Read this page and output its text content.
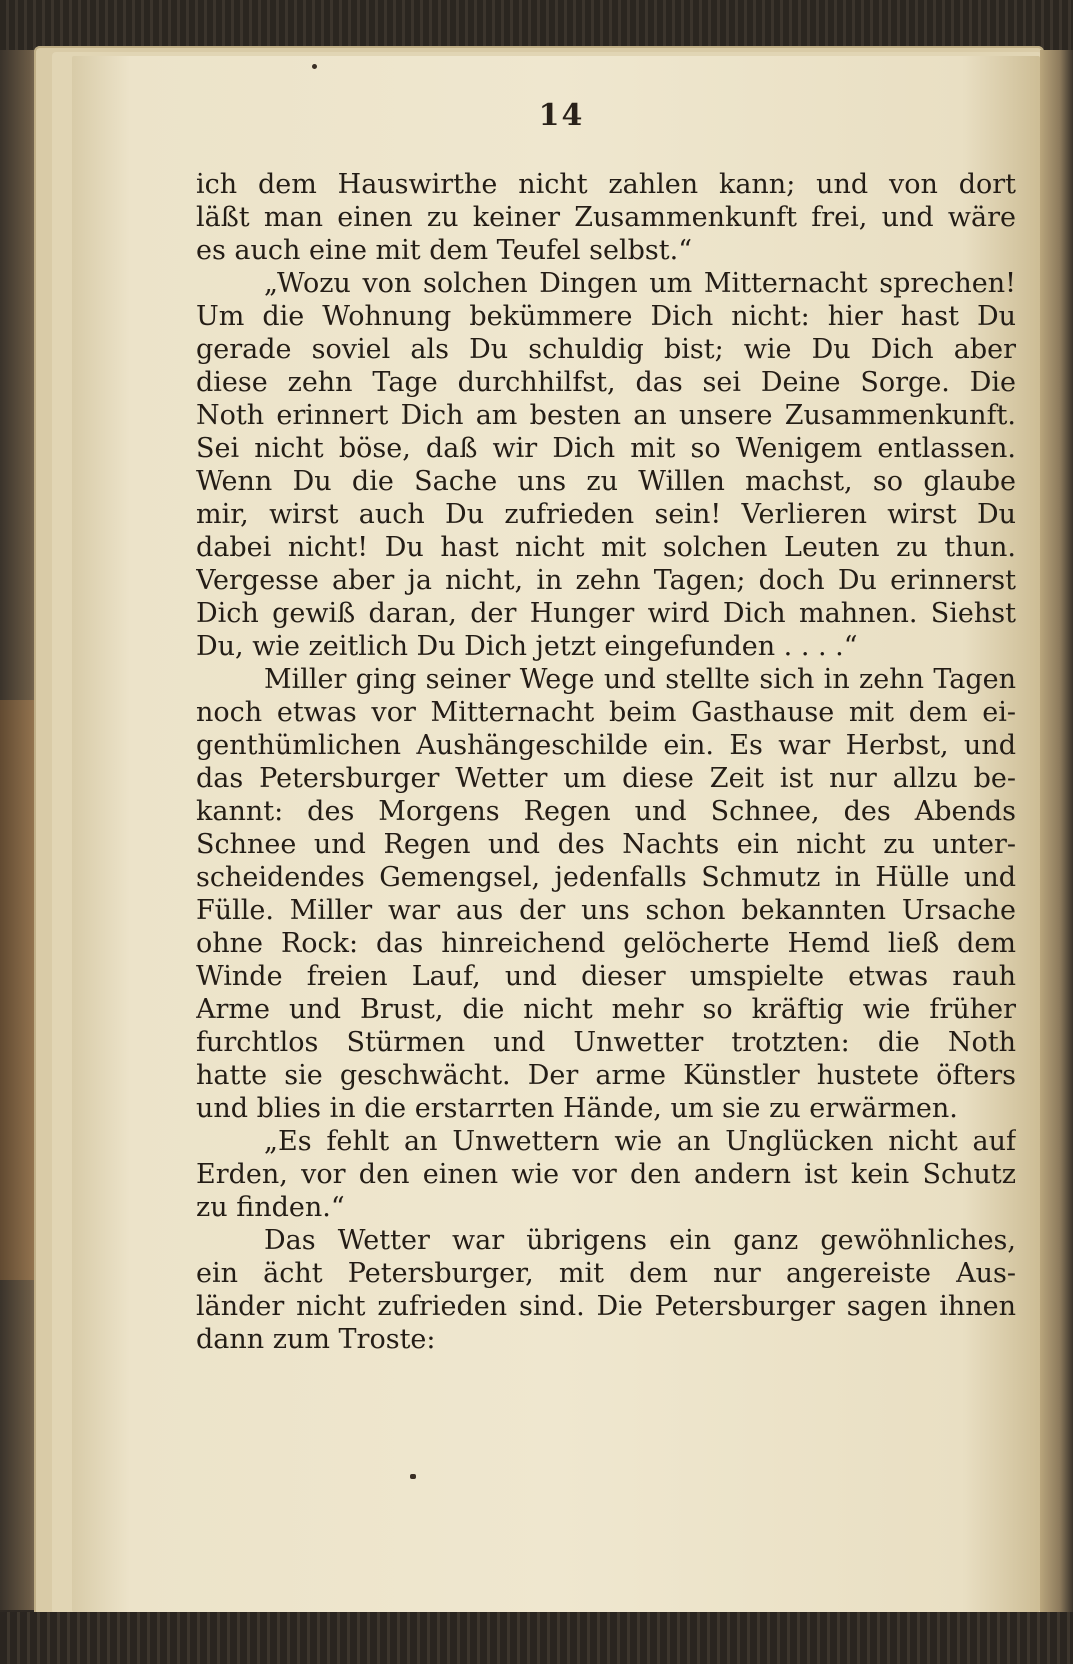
14
ich dem Hauswirthe nicht zahlen kann; und von dort
läßt man einen zu keiner Zusammenkunft frei, und wäre
es auch eine mit dem Teufel selbst.“
„Wozu von solchen Dingen um Mitternacht sprechen!
Um die Wohnung bekümmere Dich nicht: hier hast Du
gerade soviel als Du schuldig bist; wie Du Dich aber
diese zehn Tage durchhilfst, das sei Deine Sorge. Die
Noth erinnert Dich am besten an unsere Zusammenkunft.
Sei nicht böse, daß wir Dich mit so Wenigem entlassen.
Wenn Du die Sache uns zu Willen machst, so glaube
mir, wirst auch Du zufrieden sein! Verlieren wirst Du
dabei nicht! Du hast nicht mit solchen Leuten zu thun.
Vergesse aber ja nicht, in zehn Tagen; doch Du erinnerst
Dich gewiß daran, der Hunger wird Dich mahnen. Siehst
Du, wie zeitlich Du Dich jetzt eingefunden . . . .“
Miller ging seiner Wege und stellte sich in zehn Tagen
noch etwas vor Mitternacht beim Gasthause mit dem ei-
genthümlichen Aushängeschilde ein. Es war Herbst, und
das Petersburger Wetter um diese Zeit ist nur allzu be-
kannt: des Morgens Regen und Schnee, des Abends
Schnee und Regen und des Nachts ein nicht zu unter-
scheidendes Gemengsel, jedenfalls Schmutz in Hülle und
Fülle. Miller war aus der uns schon bekannten Ursache
ohne Rock: das hinreichend gelöcherte Hemd ließ dem
Winde freien Lauf, und dieser umspielte etwas rauh
Arme und Brust, die nicht mehr so kräftig wie früher
furchtlos Stürmen und Unwetter trotzten: die Noth
hatte sie geschwächt. Der arme Künstler hustete öfters
und blies in die erstarrten Hände, um sie zu erwärmen.
„Es fehlt an Unwettern wie an Unglücken nicht auf
Erden, vor den einen wie vor den andern ist kein Schutz
zu finden.“
Das Wetter war übrigens ein ganz gewöhnliches,
ein ächt Petersburger, mit dem nur angereiste Aus-
länder nicht zufrieden sind. Die Petersburger sagen ihnen
dann zum Troste:
